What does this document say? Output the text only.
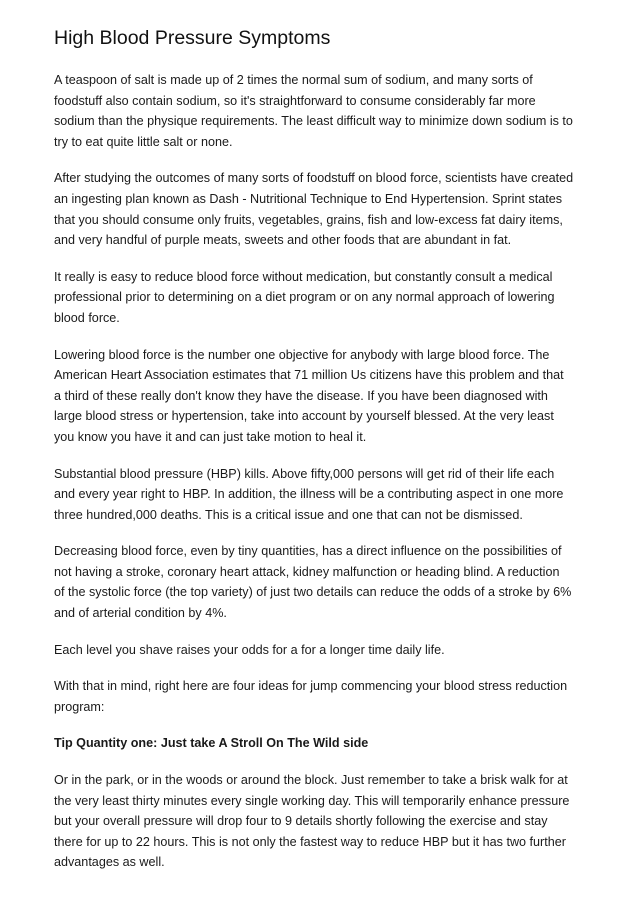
High Blood Pressure Symptoms
A teaspoon of salt is made up of 2 times the normal sum of sodium, and many sorts of
foodstuff also contain sodium, so it's straightforward to consume considerably far more
sodium than the physique requirements. The least difficult way to minimize down sodium is to
try to eat quite little salt or none.
After studying the outcomes of many sorts of foodstuff on blood force, scientists have created
an ingesting plan known as Dash - Nutritional Technique to End Hypertension. Sprint states
that you should consume only fruits, vegetables, grains, fish and low-excess fat dairy items,
and very handful of purple meats, sweets and other foods that are abundant in fat.
It really is easy to reduce blood force without medication, but constantly consult a medical
professional prior to determining on a diet program or on any normal approach of lowering
blood force.
Lowering blood force is the number one objective for anybody with large blood force. The
American Heart Association estimates that 71 million Us citizens have this problem and that
a third of these really don't know they have the disease. If you have been diagnosed with
large blood stress or hypertension, take into account by yourself blessed. At the very least
you know you have it and can just take motion to heal it.
Substantial blood pressure (HBP) kills. Above fifty,000 persons will get rid of their life each
and every year right to HBP. In addition, the illness will be a contributing aspect in one more
three hundred,000 deaths. This is a critical issue and one that can not be dismissed.
Decreasing blood force, even by tiny quantities, has a direct influence on the possibilities of
not having a stroke, coronary heart attack, kidney malfunction or heading blind. A reduction
of the systolic force (the top variety) of just two details can reduce the odds of a stroke by 6%
and of arterial condition by 4%.
Each level you shave raises your odds for a for a longer time daily life.
With that in mind, right here are four ideas for jump commencing your blood stress reduction
program:
Tip Quantity one: Just take A Stroll On The Wild side
Or in the park, or in the woods or around the block. Just remember to take a brisk walk for at
the very least thirty minutes every single working day. This will temporarily enhance pressure
but your overall pressure will drop four to 9 details shortly following the exercise and stay
there for up to 22 hours. This is not only the fastest way to reduce HBP but it has two further
advantages as well.
